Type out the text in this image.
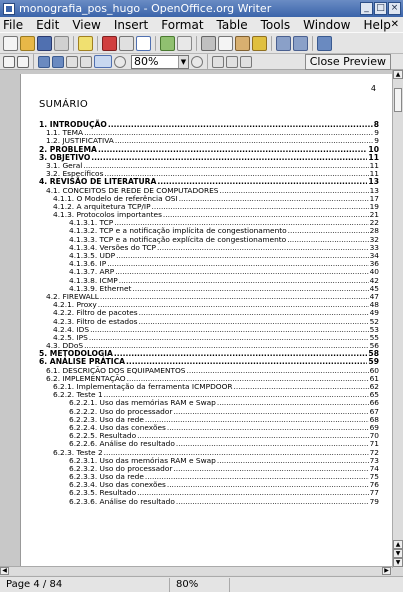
monografia_pos_hugo - OpenOffice.org Writer	_ □ ×
File Edit View Insert Format Table Tools Window Help ✕
80%	▼	Close Preview
4
SUMÁRIO
1. INTRODUÇÃO .....	8
1.1. TEMA .....	9
1.2. JUSTIFICATIVA .....	9
2. PROBLEMA .....	10
3. OBJETIVO .....	11
3.1. Geral .....	11
3.2. Específicos .....	11
4. REVISÃO DE LITERATURA .....	13
4.1. CONCEITOS DE REDE DE COMPUTADORES .....	13
4.1.1. O Modelo de referência OSI .....	17
4.1.2. A arquitetura TCP/IP .....	19
4.1.3. Protocolos importantes .....	21
4.1.3.1. TCP .....	22
4.1.3.2. TCP e a notificação implícita de congestionamento .....	28
4.1.3.3. TCP e a notificação explícita de congestionamento .....	32
4.1.3.4. Versões do TCP .....	33
4.1.3.5. UDP .....	34
4.1.3.6. IP .....	36
4.1.3.7. ARP .....	40
4.1.3.8. ICMP .....	42
4.1.3.9. Ethernet .....	45
4.2. FIREWALL .....	47
4.2.1. Proxy .....	48
4.2.2. Filtro de pacotes .....	49
4.2.3. Filtro de estados .....	52
4.2.4. IDS .....	53
4.2.5. IPS .....	55
4.3. DDoS .....	56
5. METODOLOGIA .....	58
6. ANÁLISE PRÁTICA .....	59
6.1. DESCRIÇÃO DOS EQUIPAMENTOS .....	60
6.2. IMPLEMENTAÇÃO .....	61
6.2.1. Implementação da ferramenta ICMPDOOR .....	62
6.2.2. Teste 1 .....	65
6.2.2.1. Uso das memórias RAM e Swap .....	66
6.2.2.2. Uso do processador .....	67
6.2.2.3. Uso da rede .....	68
6.2.2.4. Uso das conexões .....	69
6.2.2.5. Resultado .....	70
6.2.2.6. Análise do resultado .....	71
6.2.3. Teste 2 .....	72
6.2.3.1. Uso das memórias RAM e Swap .....	73
6.2.3.2. Uso do processador .....	74
6.2.3.3. Uso da rede .....	75
6.2.3.4. Uso das conexões .....	76
6.2.3.5. Resultado .....	77
6.2.3.6. Análise do resultado .....	79
▲
▲
▼
▼
◀	▶
Page 4 / 84	80%
